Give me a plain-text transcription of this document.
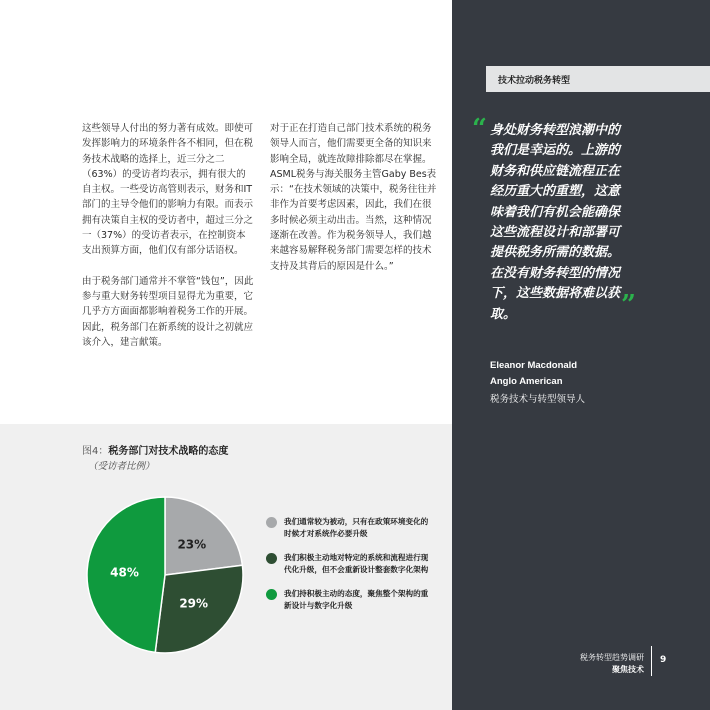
这些领导人付出的努力著有成效。即使可发挥影响力的环境条件各不相同，但在税务技术战略的选择上，近三分之二（63%）的受访者均表示，拥有很大的自主权。一些受访高管则表示，财务和IT部门的主导令他们的影响力有限。而表示拥有决策自主权的受访者中，超过三分之一（37%）的受访者表示，在控制资本支出预算方面，他们仅有部分话语权。

由于税务部门通常并不掌管“钱包”，因此参与重大财务转型项目显得尤为重要，它几乎方方面面都影响着税务工作的开展。因此，税务部门在新系统的设计之初就应该介入，建言献策。

对于正在打造自己部门技术系统的税务领导人而言，他们需要更全备的知识来影响全局，就连故障排除都尽在掌握。ASML税务与海关服务主管Gaby Bes表示：“在技术领域的决策中，税务往往并非作为首要考虑因素，因此，我们在很多时候必须主动出击。当然，这种情况逐渐在改善。作为税务领导人，我们越来越容易解释税务部门需要怎样的技术支持及其背后的原因是什么。”

图4：税务部门对技术战略的态度
（受访者比例）
23%
29%
48%
我们通常较为被动，只有在政策环境变化的时候才对系统作必要升级
我们积极主动地对特定的系统和流程进行现代化升级，但不会重新设计整套数字化架构
我们持积极主动的态度，聚焦整个架构的重新设计与数字化升级
技术拉动税务转型
“ 身处财务转型浪潮中的我们是幸运的。上游的财务和供应链流程正在经历重大的重塑，这意味着我们有机会能确保这些流程设计和部署可提供税务所需的数据。在没有财务转型的情况下，这些数据将难以获取。	”
Eleanor Macdonald
Anglo American
税务技术与转型领导人
税务转型趋势调研
聚焦技术
9
